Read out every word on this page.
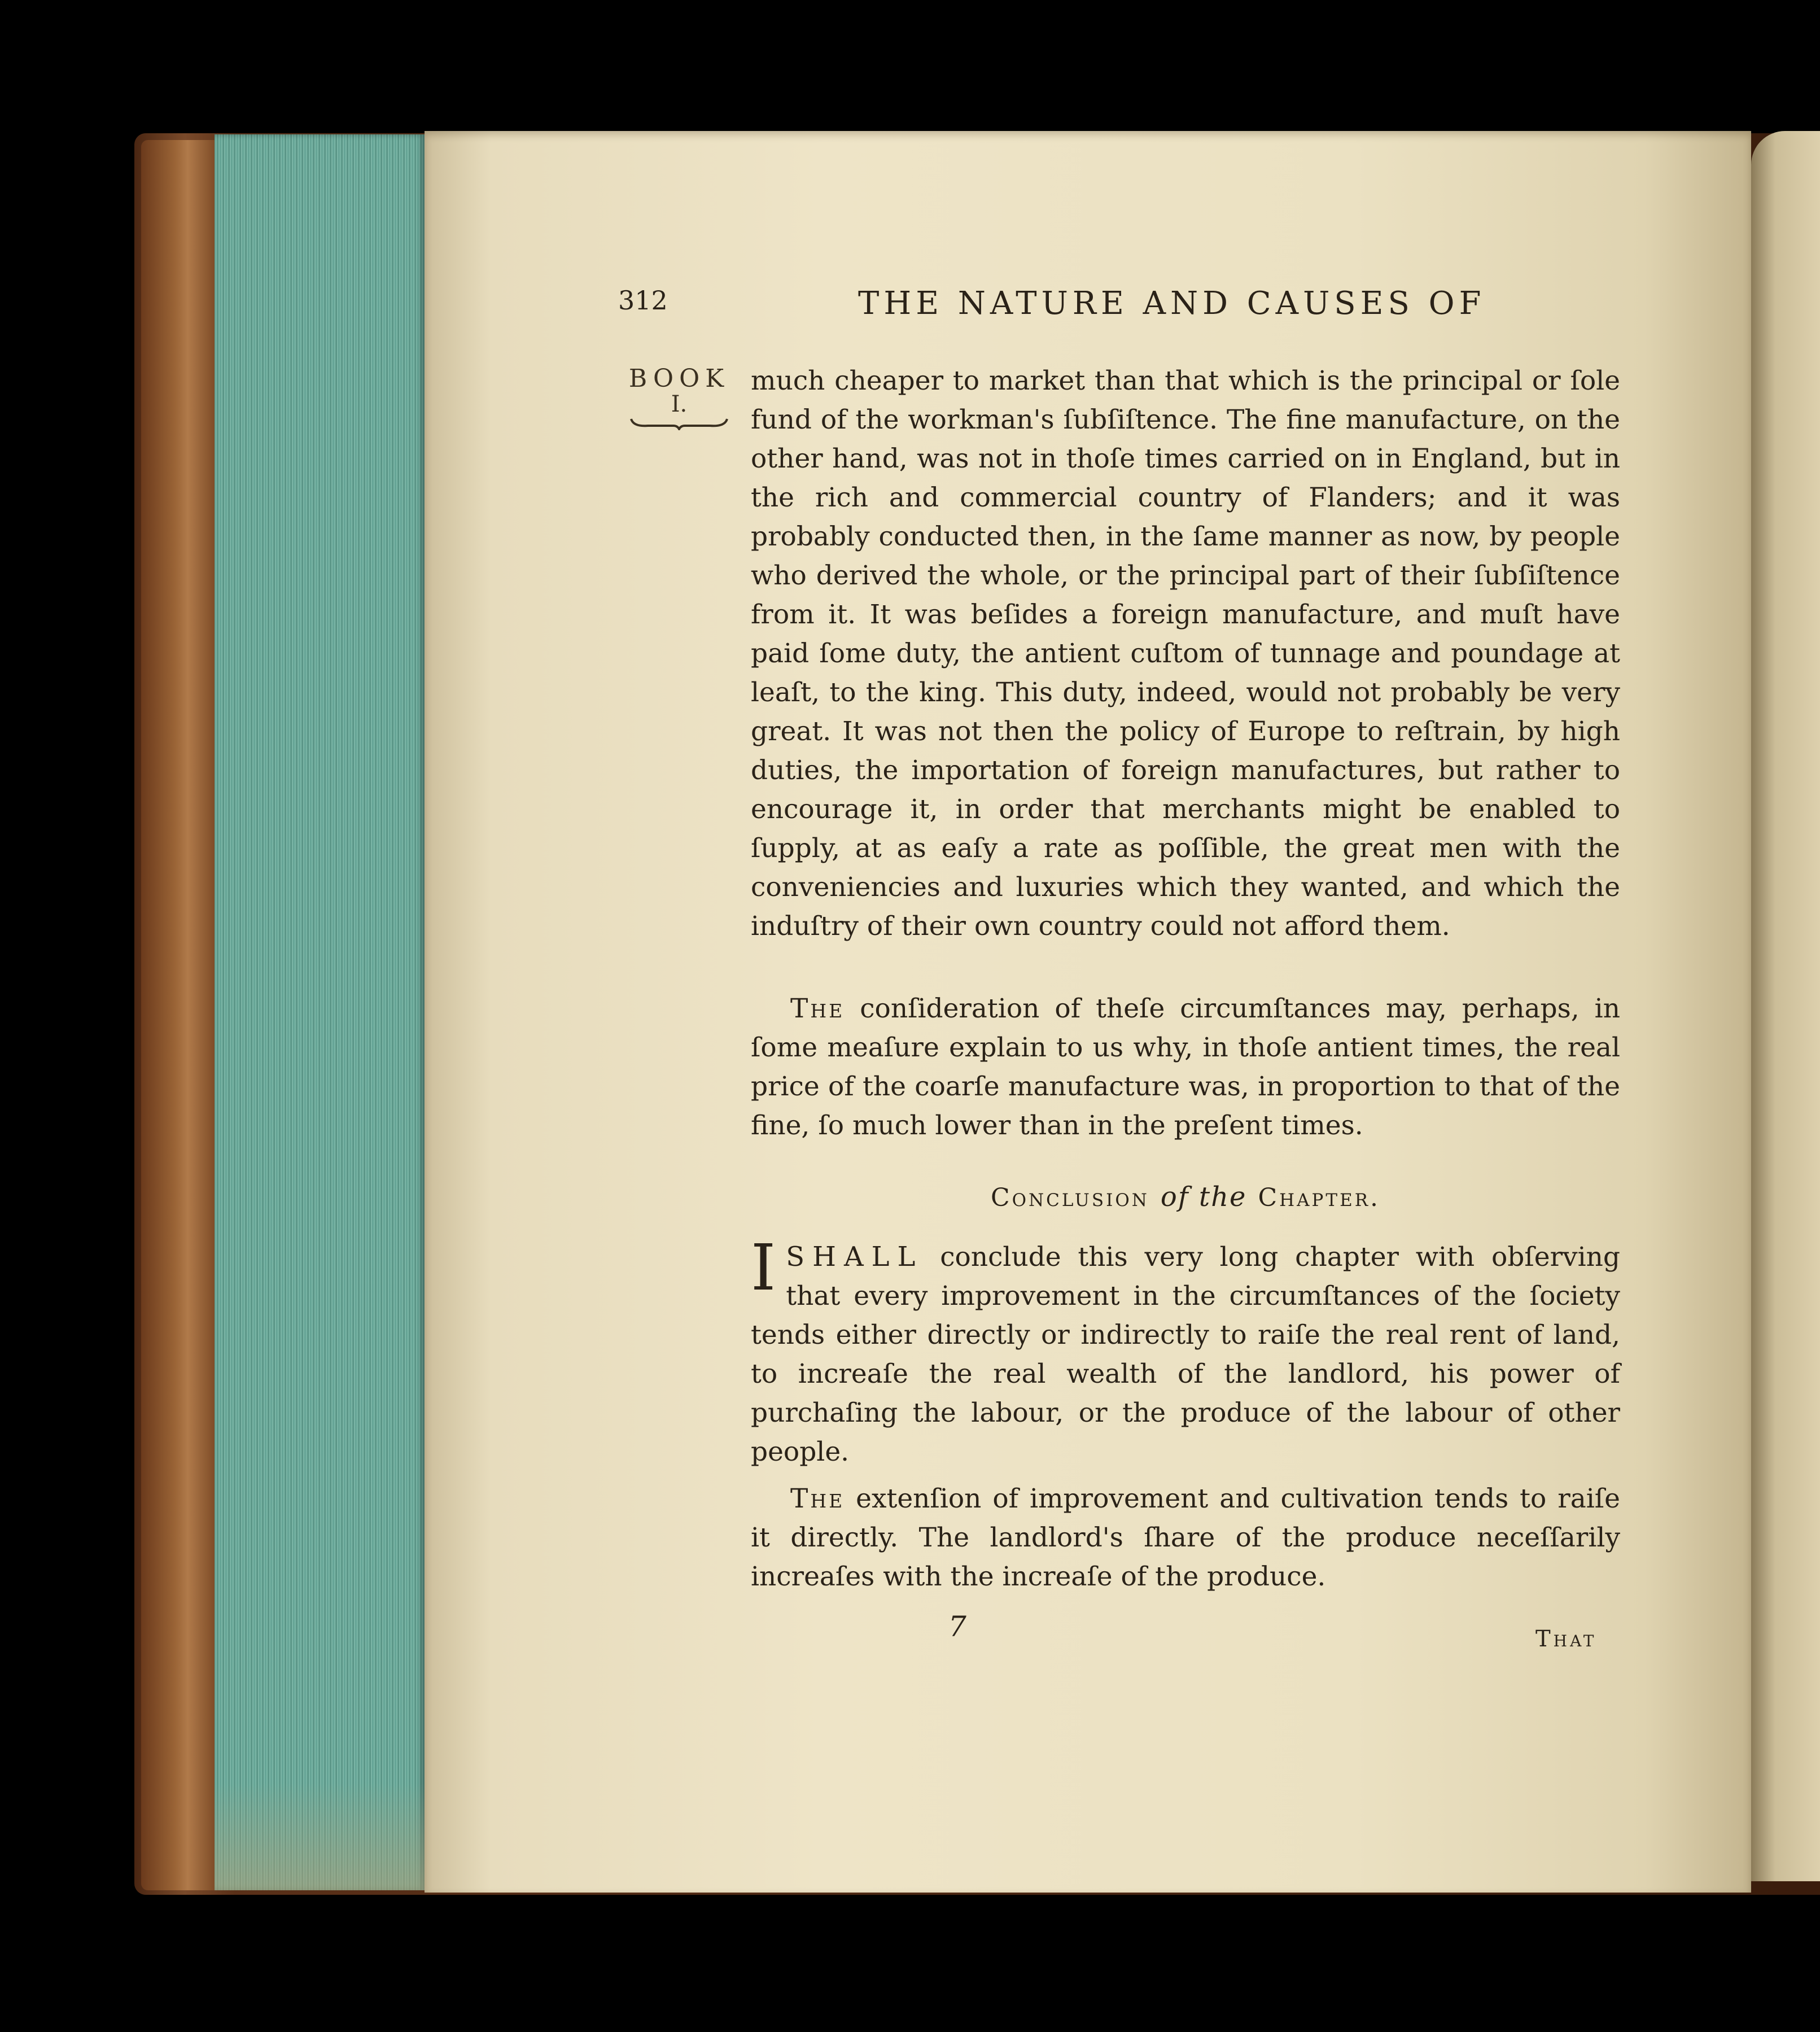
312	THE NATURE AND CAUSES OF
BOOK
I.

much cheaper to market than that which is the principal or ſole fund of the workman's ſubſiſtence. The fine manufacture, on the other hand, was not in thoſe times carried on in England, but in the rich and commercial country of Flanders; and it was probably conducted then, in the ſame manner as now, by people who derived the whole, or the principal part of their ſubſiſtence from it. It was beſides a foreign manufacture, and muſt have paid ſome duty, the antient cuſtom of tunnage and poundage at leaſt, to the king. This duty, indeed, would not probably be very great. It was not then the policy of Europe to reſtrain, by high duties, the importation of foreign manufactures, but rather to encourage it, in order that merchants might be enabled to ſupply, at as eaſy a rate as poſſible, the great men with the conveniencies and luxuries which they wanted, and which the induſtry of their own country could not afford them.

The conſideration of theſe circumſtances may, perhaps, in ſome meaſure explain to us why, in thoſe antient times, the real price of the coarſe manufacture was, in proportion to that of the fine, ſo much lower than in the preſent times.

Conclusion of the Chapter.

ISHALL conclude this very long chapter with obſerving that every improvement in the circumſtances of the ſociety tends either directly or indirectly to raiſe the real rent of land, to increaſe the real wealth of the landlord, his power of purchaſing the labour, or the produce of the labour of other people.

The extenſion of improvement and cultivation tends to raiſe it directly. The landlord's ſhare of the produce neceſſarily increaſes with the increaſe of the produce.

7	That
